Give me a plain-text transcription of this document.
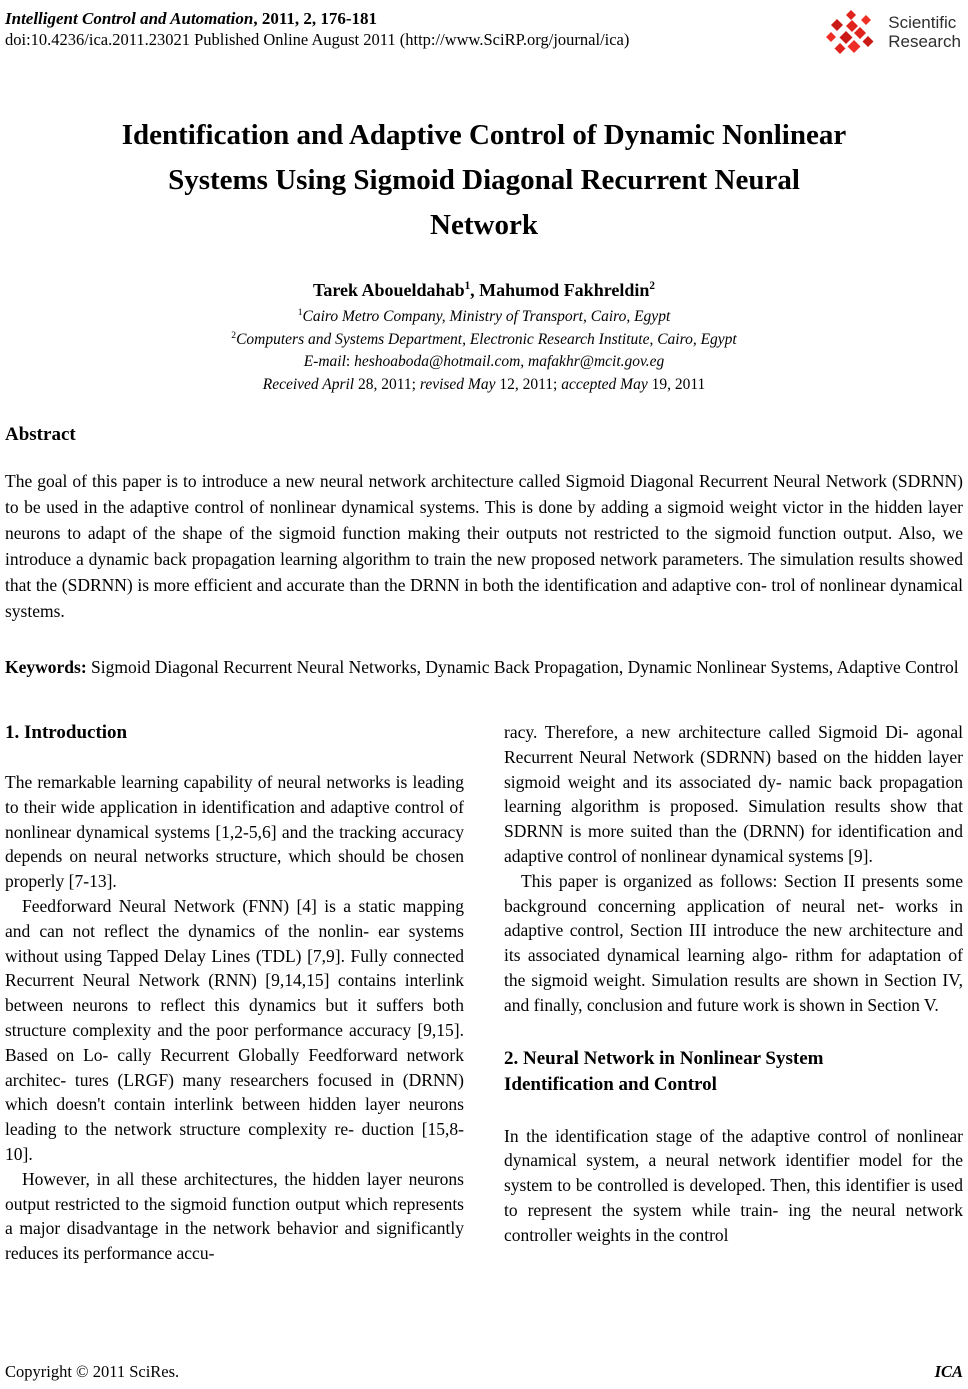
Intelligent Control and Automation, 2011, 2, 176-181
doi:10.4236/ica.2011.23021 Published Online August 2011 (http://www.SciRP.org/journal/ica)
Scientific
Research
Identification and Adaptive Control of Dynamic Nonlinear
Systems Using Sigmoid Diagonal Recurrent Neural
Network
Tarek Aboueldahab$^1$, Mahumod Fakhreldin$^2$
$^1$Cairo Metro Company, Ministry of Transport, Cairo, Egypt
$^2$Computers and Systems Department, Electronic Research Institute, Cairo, Egypt
E-mail: heshoaboda@hotmail.com, mafakhr@mcit.gov.eg
Received April 28, 2011; revised May 12, 2011; accepted May 19, 2011
Abstract

The goal of this paper is to introduce a new neural network architecture called Sigmoid Diagonal Recurrent Neural Network (SDRNN) to be used in the adaptive control of nonlinear dynamical systems. This is done by adding a sigmoid weight victor in the hidden layer neurons to adapt of the shape of the sigmoid function making their outputs not restricted to the sigmoid function output. Also, we introduce a dynamic back propagation learning algorithm to train the new proposed network parameters. The simulation results showed that the (SDRNN) is more efficient and accurate than the DRNN in both the identification and adaptive con- trol of nonlinear dynamical systems.

Keywords: Sigmoid Diagonal Recurrent Neural Networks, Dynamic Back Propagation, Dynamic Nonlinear Systems, Adaptive Control

1. Introduction

The remarkable learning capability of neural networks is leading to their wide application in identification and adaptive control of nonlinear dynamical systems [1,2-5,6] and the tracking accuracy depends on neural networks structure, which should be chosen properly [7-13].

Feedforward Neural Network (FNN) [4] is a static mapping and can not reflect the dynamics of the nonlin- ear systems without using Tapped Delay Lines (TDL) [7,9]. Fully connected Recurrent Neural Network (RNN) [9,14,15] contains interlink between neurons to reflect this dynamics but it suffers both structure complexity and the poor performance accuracy [9,15]. Based on Lo- cally Recurrent Globally Feedforward network architec- tures (LRGF) many researchers focused in (DRNN) which doesn't contain interlink between hidden layer neurons leading to the network structure complexity re- duction [15,8-10].

However, in all these architectures, the hidden layer neurons output restricted to the sigmoid function output which represents a major disadvantage in the network behavior and significantly reduces its performance accu-

racy. Therefore, a new architecture called Sigmoid Di- agonal Recurrent Neural Network (SDRNN) based on the hidden layer sigmoid weight and its associated dy- namic back propagation learning algorithm is proposed. Simulation results show that SDRNN is more suited than the (DRNN) for identification and adaptive control of nonlinear dynamical systems [9].

This paper is organized as follows: Section II presents some background concerning application of neural net- works in adaptive control, Section III introduce the new architecture and its associated dynamical learning algo- rithm for adaptation of the sigmoid weight. Simulation results are shown in Section IV, and finally, conclusion and future work is shown in Section V.

2. Neural Network in Nonlinear System
Identification and Control

In the identification stage of the adaptive control of nonlinear dynamical system, a neural network identifier model for the system to be controlled is developed. Then, this identifier is used to represent the system while train- ing the neural network controller weights in the control

Copyright © 2011 SciRes.	ICA
